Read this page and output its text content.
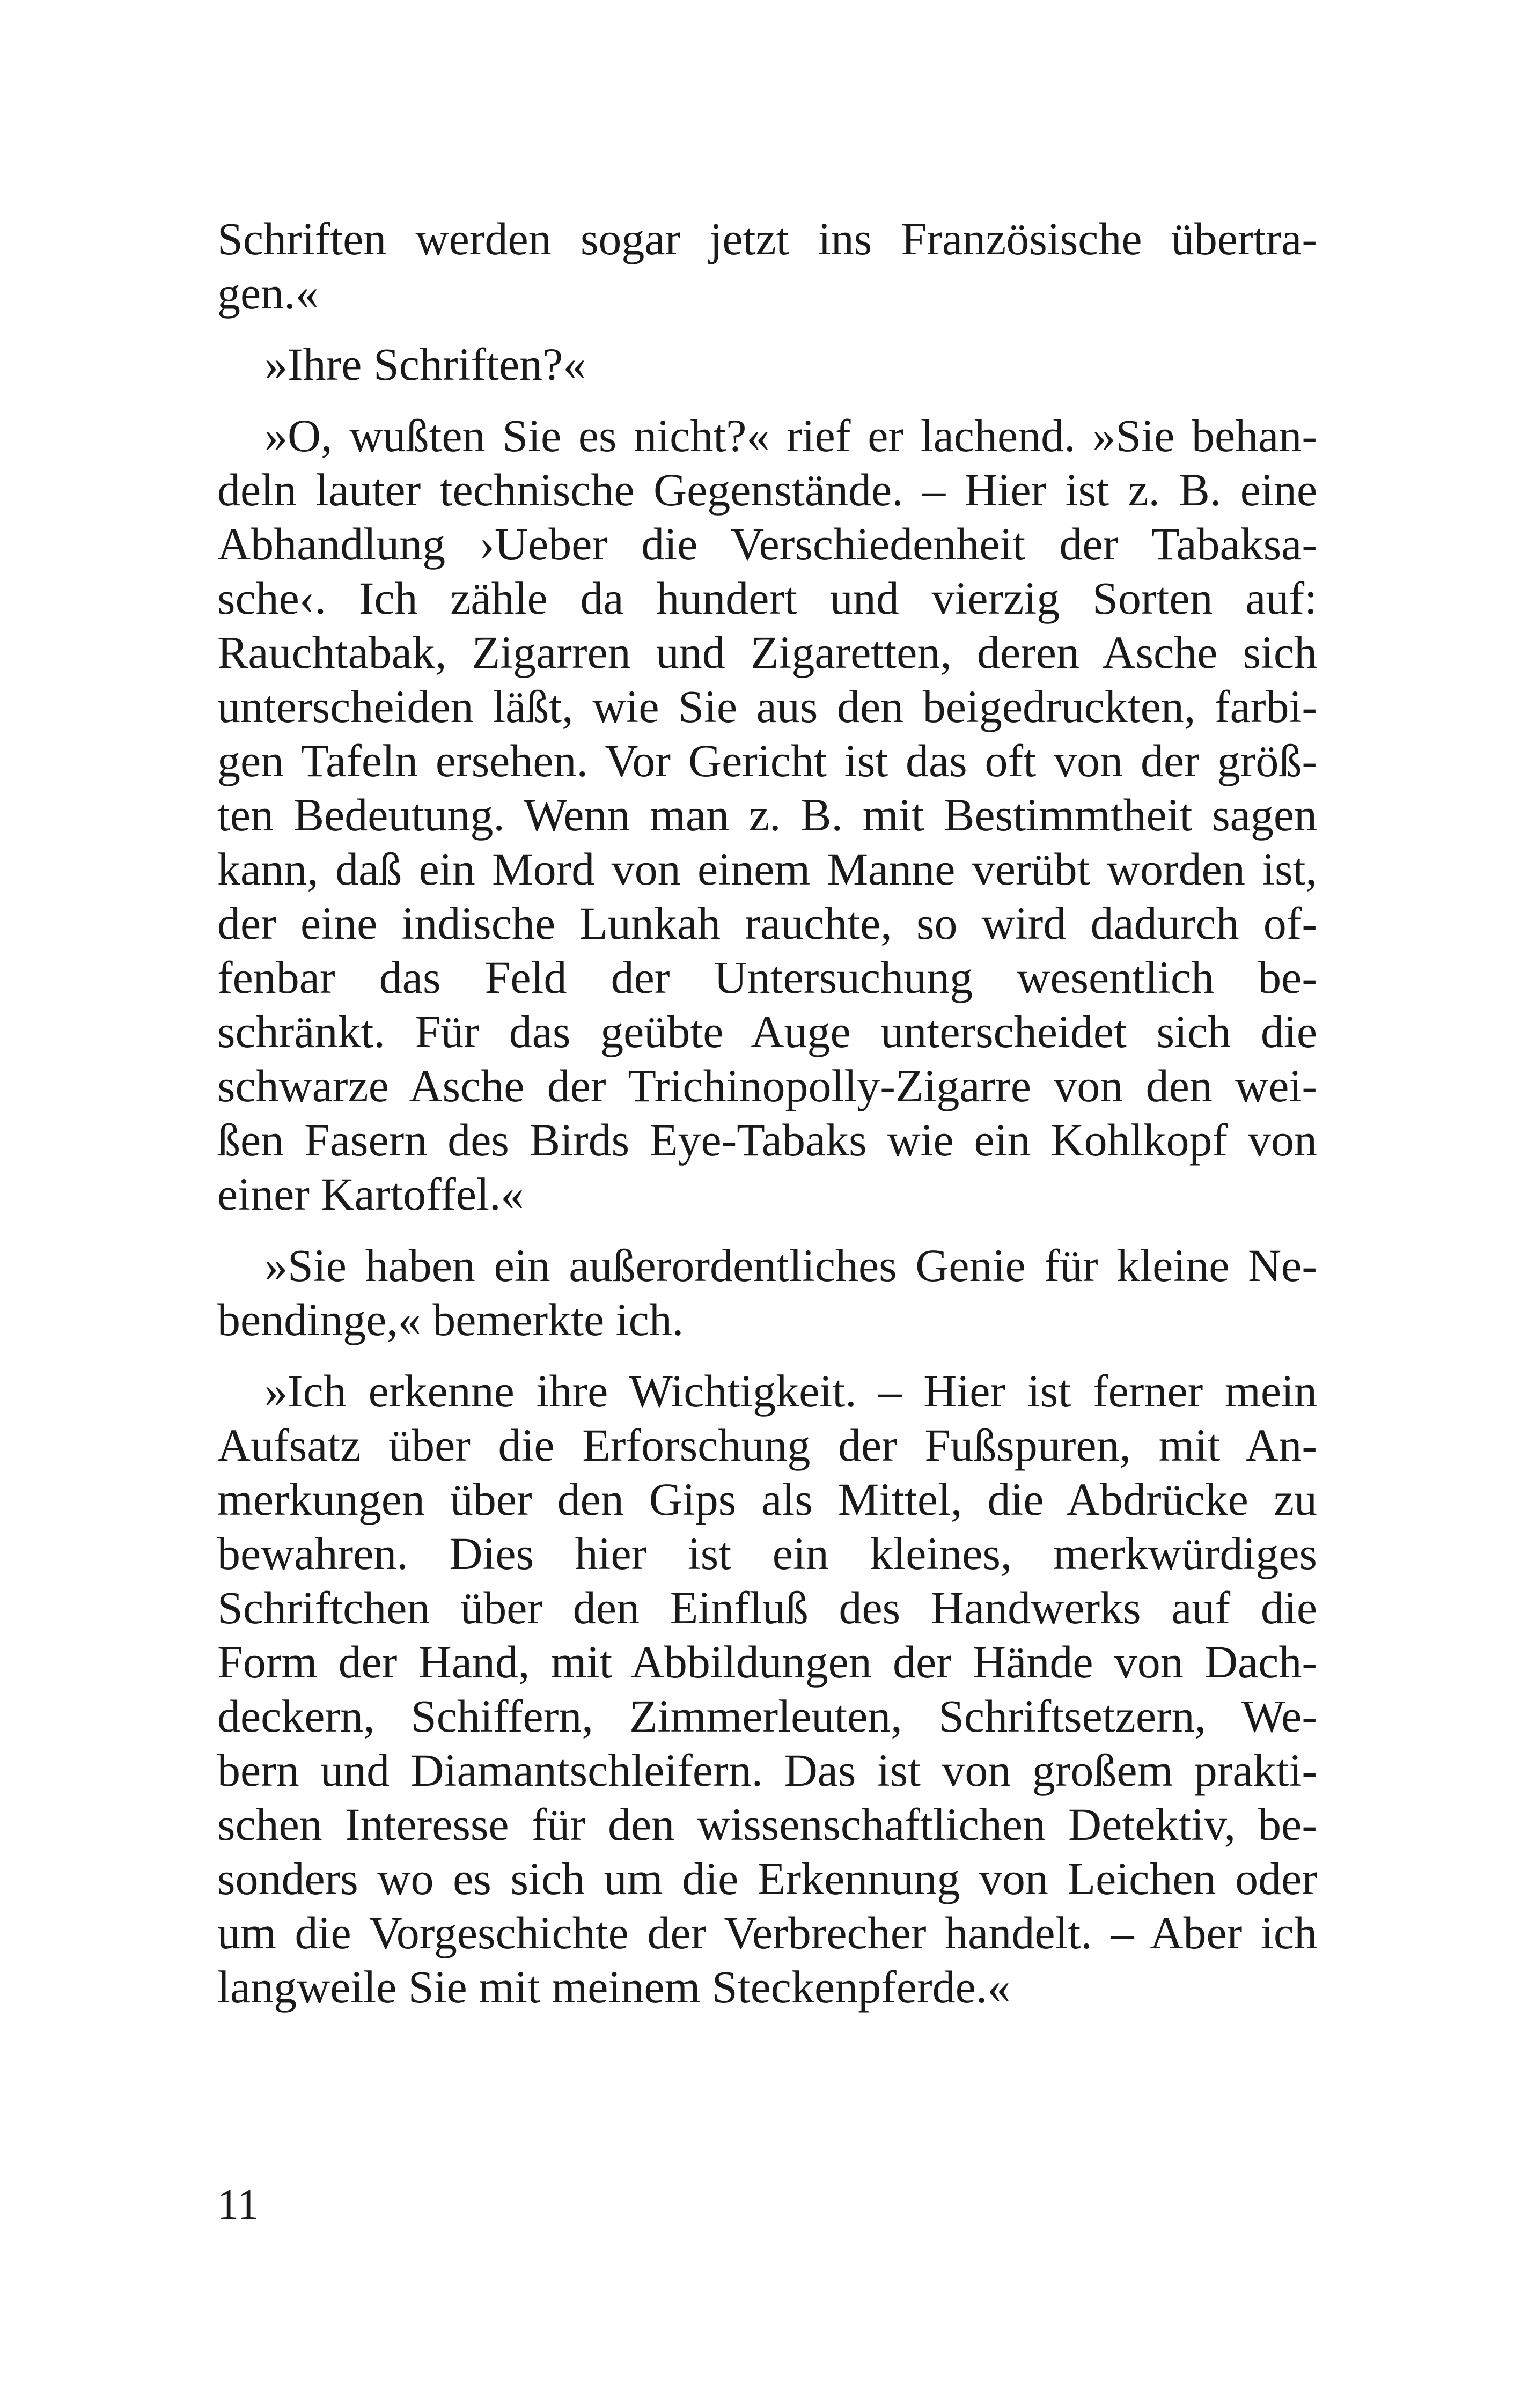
Schriften werden sogar jetzt ins Französische übertra-
gen.«
»Ihre Schriften?«
»O, wußten Sie es nicht?« rief er lachend. »Sie behan-
deln lauter technische Gegenstände. – Hier ist z. B. eine
Abhandlung ›Ueber die Verschiedenheit der Tabaksa-
sche‹. Ich zähle da hundert und vierzig Sorten auf:
Rauchtabak, Zigarren und Zigaretten, deren Asche sich
unterscheiden läßt, wie Sie aus den beigedruckten, farbi-
gen Tafeln ersehen. Vor Gericht ist das oft von der größ-
ten Bedeutung. Wenn man z. B. mit Bestimmtheit sagen
kann, daß ein Mord von einem Manne verübt worden ist,
der eine indische Lunkah rauchte, so wird dadurch of-
fenbar das Feld der Untersuchung wesentlich be-
schränkt. Für das geübte Auge unterscheidet sich die
schwarze Asche der Trichinopolly-Zigarre von den wei-
ßen Fasern des Birds Eye-Tabaks wie ein Kohlkopf von
einer Kartoffel.«
»Sie haben ein außerordentliches Genie für kleine Ne-
bendinge,« bemerkte ich.
»Ich erkenne ihre Wichtigkeit. – Hier ist ferner mein
Aufsatz über die Erforschung der Fußspuren, mit An-
merkungen über den Gips als Mittel, die Abdrücke zu
bewahren. Dies hier ist ein kleines, merkwürdiges
Schriftchen über den Einfluß des Handwerks auf die
Form der Hand, mit Abbildungen der Hände von Dach-
deckern, Schiffern, Zimmerleuten, Schriftsetzern, We-
bern und Diamantschleifern. Das ist von großem prakti-
schen Interesse für den wissenschaftlichen Detektiv, be-
sonders wo es sich um die Erkennung von Leichen oder
um die Vorgeschichte der Verbrecher handelt. – Aber ich
langweile Sie mit meinem Steckenpferde.«
11
